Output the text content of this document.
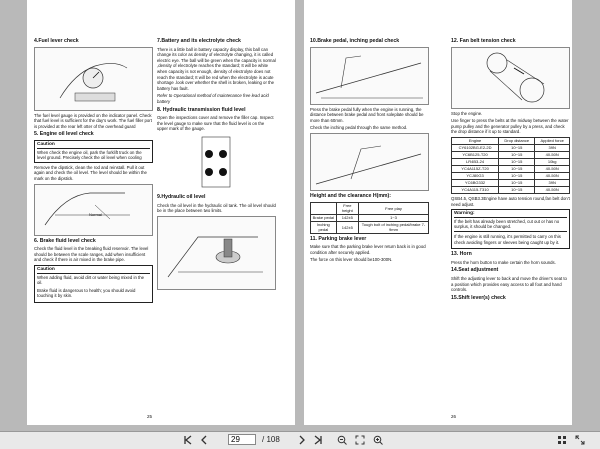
4.Fuel lever check

The fuel level gauge is provided on the indicator panel. Check that fuel level is sufficient for the day's work. The fuel filler port is provided at the rear left otter of the overhead guard

5. Engine oil level check
Caution
When check the engine oil, park the forklift truck on the level ground. Precisely check the oil level when cooling

Remove the dipstick, clean the rod and reinstall. Pull it out again and check the oil level. The level should be within the mark on the dipstick.

Normal
6. Brake fluid level check

Check the fluid level in the breaking fluid reservoir. The level should be between the scale ranges, add when insufficient and check if there is air mixed in the brake pipe.

Caution

When adding fluid, avoid dirt or water being mixed in the oil.

Brake fluid is dangerous to health; you should avoid touching it by skin.

7.Battery and its electrolyte check

There is a little ball in battery capacity display, this ball can change its color as density of electrolyte changing, it is called electric eye. The ball will be green when the capacity is normal ,density of electrolyte reaches the standard; It will be white when capacity is not enough, density of electrolyte does not reach the standard; It will be red when the electrolyte is acute shortage .look over whether the shell is broken, leaking or the battery has fault.

Refer to Operational method of maintenance free lead acid battery

8. Hydraulic transmission fluid level

Open the inspections cover and remove the filler cap. Inspect the level gauge to make sure that the fluid level is on the upper mark of the gauge.

9.Hydraulic oil level

Check the oil level in the hydraulic oil tank. The oil level should be in the place between two limits.

25
10.Brake pedal, inching pedal check

Press the brake pedal fully when the engine is running, the distance between brake pedal and front soleplate should be more than 60mm.

Check the inching pedal through the same method.

Height and the clearance H(mm):
	Free height	Free play
Brake pedal	142±5	1~3
Inching pedal	142±5	Tough bolt of inching pedal/brake 7-9mm
11. Parking brake lever

Make sure that the parking brake lever return back is in good condition after securely applied.

The force on this lever should be100-300N.

12. Fan belt tension check

Stop the engine.

Use finger to press the belts at the midway between the water pump pulley and the generator pulley by a press, and check the drop distance if it up to standard.

Engine	Drop distance	Applied force
CY6102BG-E2-2D	10~15	39N
YC6B125-T20	10~15	40-50N
LR4B3-24	10~15	10kg
YC4A115Z-T20	10~15	40-50N
YCJ80G3	10~15	40-50N
YC6BG332	10~15	39N
YC4A115-T310	10~15	40-50N

QSB4.5, QSB3.3Engine have auto tension round,fan belt don't need adjust.

Warning:

If the belt has already been stretched, cut out or has no surplus, it should be changed.

If the engine is still running, it's permitted to carry on this check avoiding fingers or sleeves being caught up by it.

13. Horn

Press the horn button to make certain the horn sounds.

14.Seat adjustment

Shift the adjusting lever to back and move the driver's seat to a position which provides easy access to all foot and hand controls.

15.Shift lever(s) check
26
29
/ 108
